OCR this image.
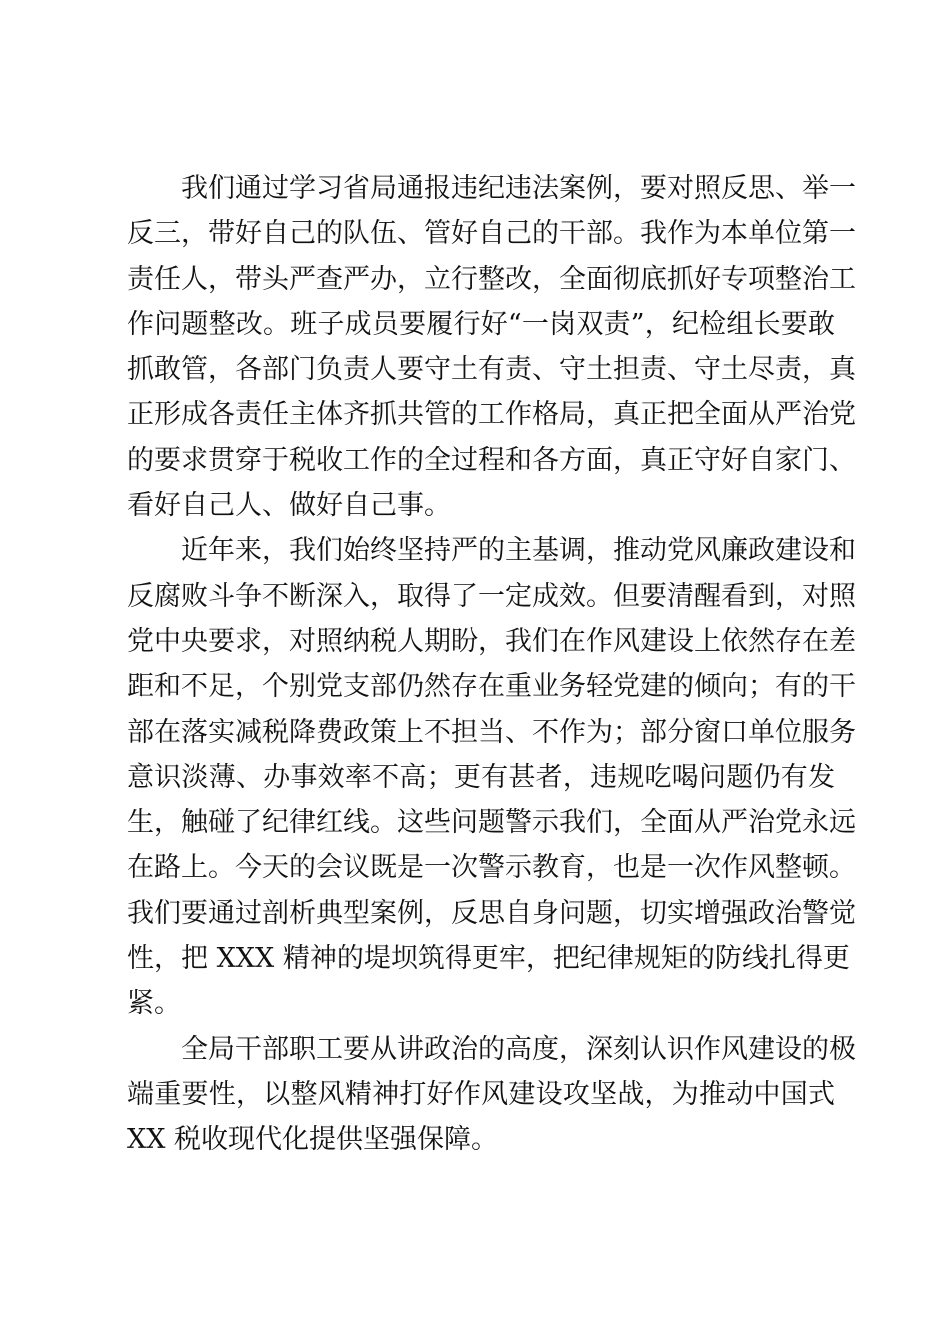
我们通过学习省局通报违纪违法案例，要对照反思、举一
反三，带好自己的队伍、管好自己的干部。我作为本单位第一
责任人，带头严查严办，立行整改，全面彻底抓好专项整治工
作问题整改。班子成员要履行好“一岗双责”，纪检组长要敢
抓敢管，各部门负责人要守土有责、守土担责、守土尽责，真
正形成各责任主体齐抓共管的工作格局，真正把全面从严治党
的要求贯穿于税收工作的全过程和各方面，真正守好自家门、
看好自己人、做好自己事。
近年来，我们始终坚持严的主基调，推动党风廉政建设和
反腐败斗争不断深入，取得了一定成效。但要清醒看到，对照
党中央要求，对照纳税人期盼，我们在作风建设上依然存在差
距和不足，个别党支部仍然存在重业务轻党建的倾向；有的干
部在落实减税降费政策上不担当、不作为；部分窗口单位服务
意识淡薄、办事效率不高；更有甚者，违规吃喝问题仍有发
生，触碰了纪律红线。这些问题警示我们，全面从严治党永远
在路上。今天的会议既是一次警示教育，也是一次作风整顿。
我们要通过剖析典型案例，反思自身问题，切实增强政治警觉
性，把 XXX 精神的堤坝筑得更牢，把纪律规矩的防线扎得更
紧。
全局干部职工要从讲政治的高度，深刻认识作风建设的极
端重要性，以整风精神打好作风建设攻坚战，为推动中国式
XX 税收现代化提供坚强保障。
